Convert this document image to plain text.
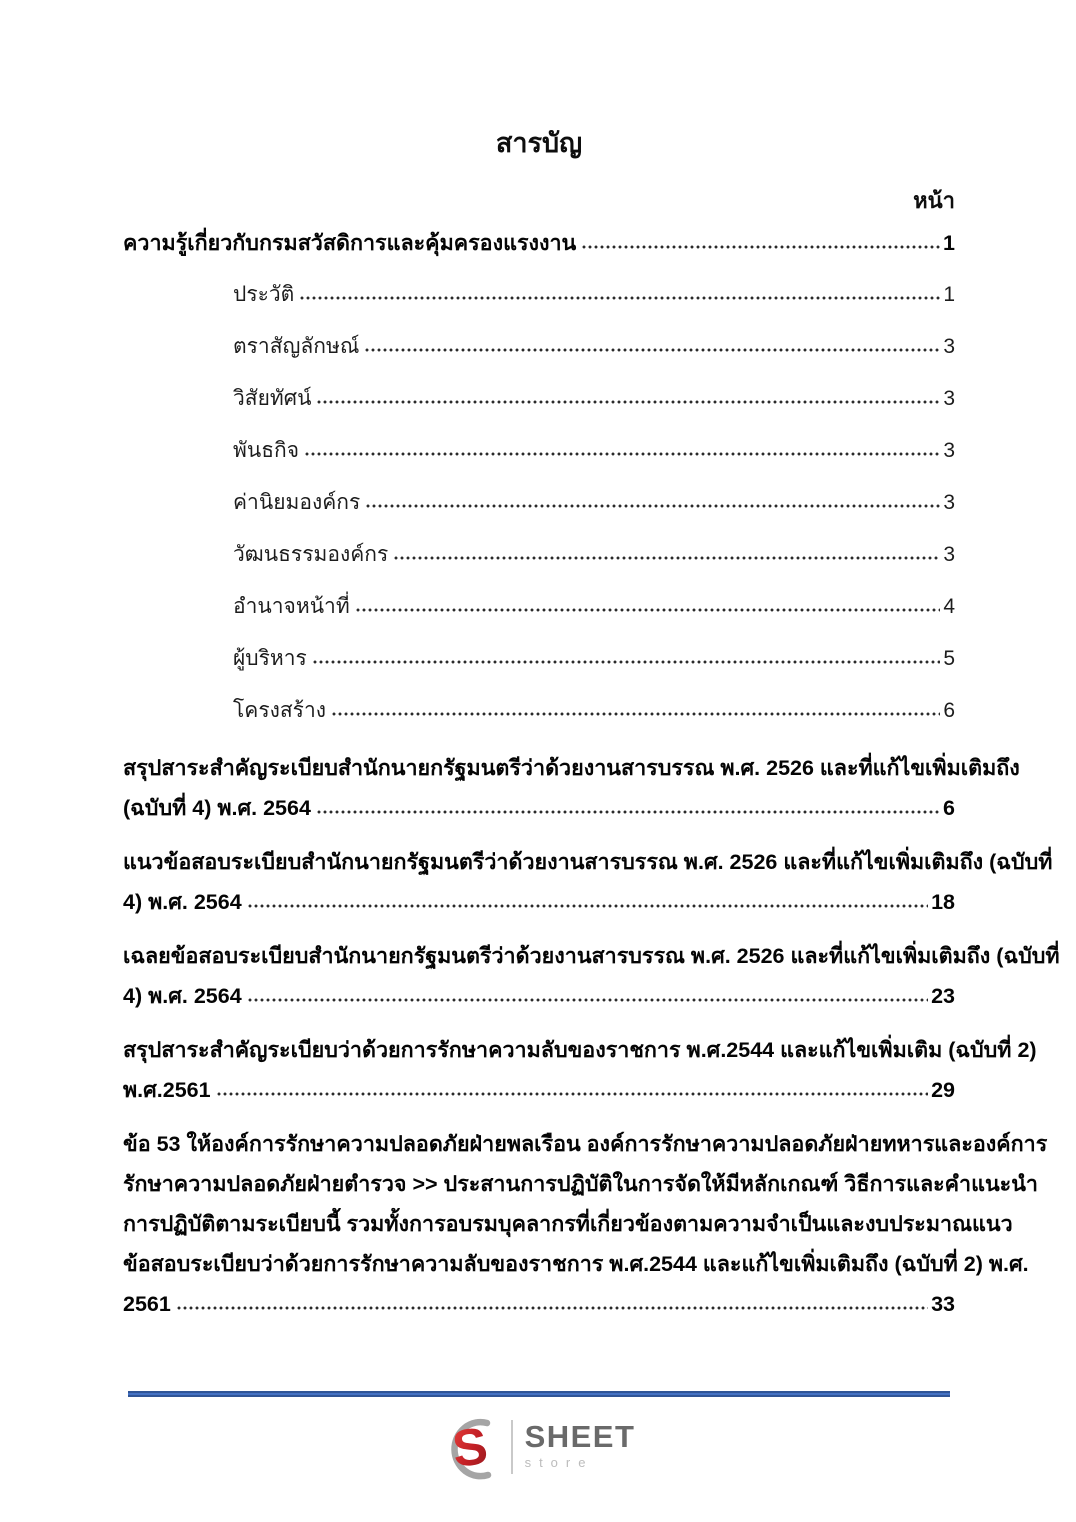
สารบัญ
หน้า
ความรู้เกี่ยวกับกรมสวัสดิการและคุ้มครองแรงงาน	1
ประวัติ	1
ตราสัญลักษณ์	3
วิสัยทัศน์	3
พันธกิจ	3
ค่านิยมองค์กร	3
วัฒนธรรมองค์กร	3
อำนาจหน้าที่	4
ผู้บริหาร	5
โครงสร้าง	6
สรุปสาระสำคัญระเบียบสำนักนายกรัฐมนตรีว่าด้วยงานสารบรรณ พ.ศ. 2526 และที่แก้ไขเพิ่มเติมถึง
(ฉบับที่ 4) พ.ศ. 2564	6
แนวข้อสอบระเบียบสำนักนายกรัฐมนตรีว่าด้วยงานสารบรรณ พ.ศ. 2526 และที่แก้ไขเพิ่มเติมถึง (ฉบับที่
4) พ.ศ. 2564	18
เฉลยข้อสอบระเบียบสำนักนายกรัฐมนตรีว่าด้วยงานสารบรรณ พ.ศ. 2526 และที่แก้ไขเพิ่มเติมถึง (ฉบับที่
4) พ.ศ. 2564	23
สรุปสาระสำคัญระเบียบว่าด้วยการรักษาความลับของราชการ พ.ศ.2544 และแก้ไขเพิ่มเติม (ฉบับที่ 2)
พ.ศ.2561	29
ข้อ 53 ให้องค์การรักษาความปลอดภัยฝ่ายพลเรือน องค์การรักษาความปลอดภัยฝ่ายทหารและองค์การ
รักษาความปลอดภัยฝ่ายตำรวจ >> ประสานการปฏิบัติในการจัดให้มีหลักเกณฑ์ วิธีการและคำแนะนำ
การปฏิบัติตามระเบียบนี้ รวมทั้งการอบรมบุคลากรที่เกี่ยวข้องตามความจำเป็นและงบประมาณแนว
ข้อสอบระเบียบว่าด้วยการรักษาความลับของราชการ พ.ศ.2544 และแก้ไขเพิ่มเติมถึง (ฉบับที่ 2) พ.ศ.
2561	33
S SHEET
store
